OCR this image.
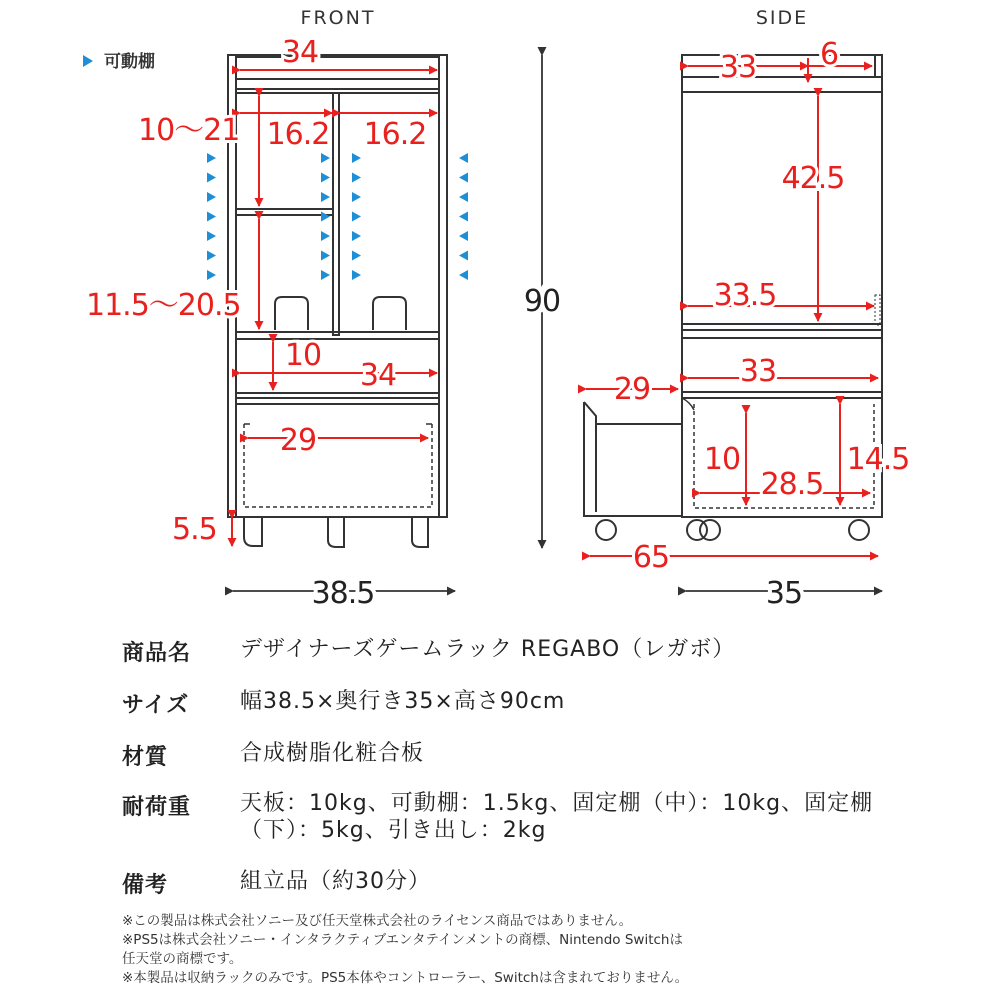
FRONT	SIDE
可動棚	34
10〜21 16.2 16.2
11.5〜20.5
10
34
29
5.5
38.5
90
33 6
42.5
33.5
29
33
10
28.5
14.5
65
35
商品名 デザイナーズゲームラック REGABO（レガボ）
サイズ 幅38.5×奥行き35×高さ90cm
材質	合成樹脂化粧合板
耐荷重 天板：10kg、可動棚：1.5kg、固定棚（中）：10kg、固定棚（下）：5kg、引き出し：2kg
備考	組立品（約30分）
※この製品は株式会社ソニー及び任天堂株式会社のライセンス商品ではありません。
※PS5は株式会社ソニー・インタラクティブエンタテインメントの商標、Nintendo Switchは
任天堂の商標です。
※本製品は収納ラックのみです。PS5本体やコントローラー、Switchは含まれておりません。
